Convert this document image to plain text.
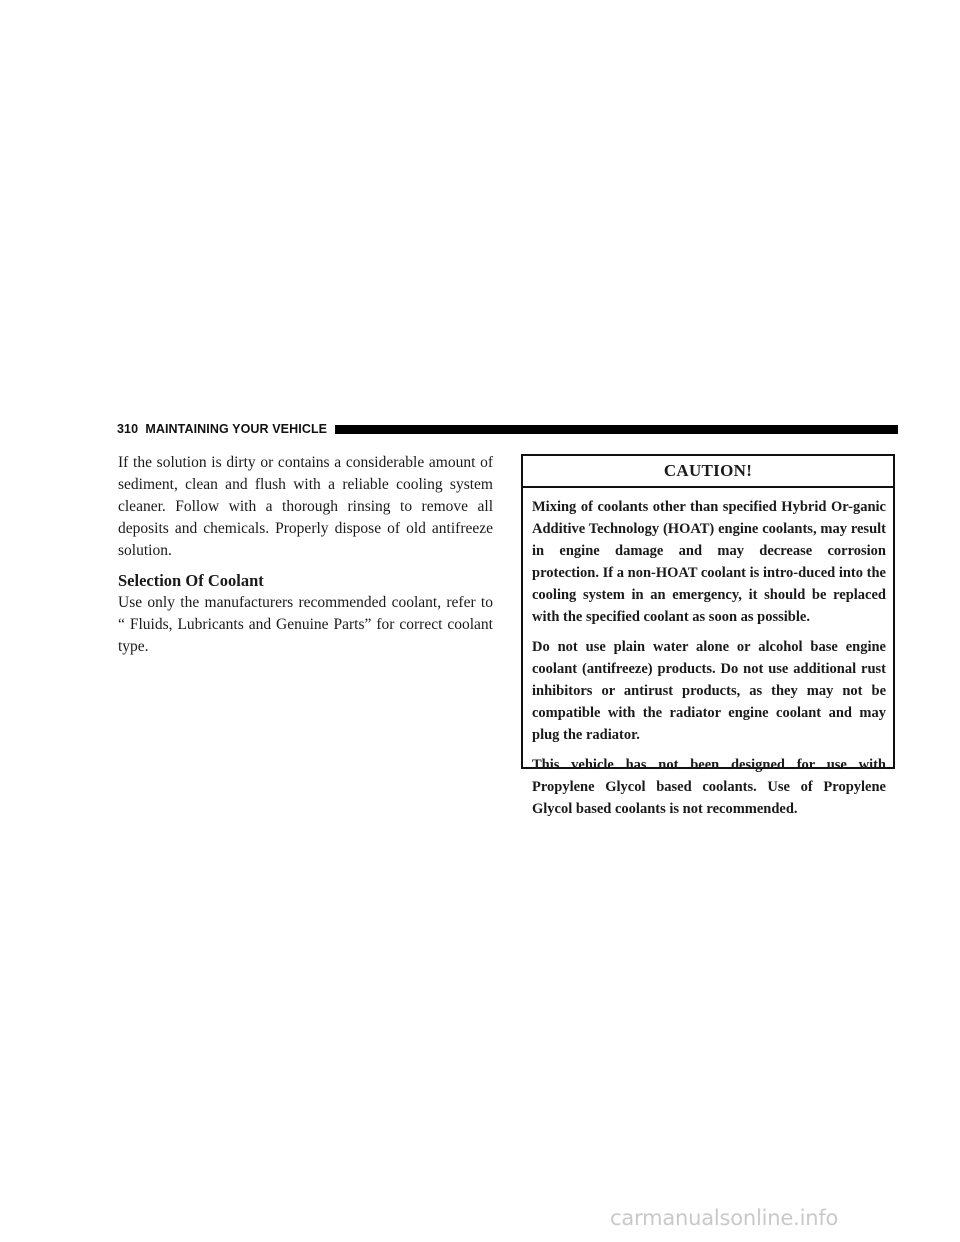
310 MAINTAINING YOUR VEHICLE

If the solution is dirty or contains a considerable amount of sediment, clean and flush with a reliable cooling system cleaner. Follow with a thorough rinsing to remove all deposits and chemicals. Properly dispose of old antifreeze solution.

Selection Of Coolant

Use only the manufacturers recommended coolant, refer to “ Fluids, Lubricants and Genuine Parts” for correct coolant type.

CAUTION!

Mixing of coolants other than specified Hybrid Or-ganic Additive Technology (HOAT) engine coolants, may result in engine damage and may decrease corrosion protection. If a non-HOAT coolant is intro-duced into the cooling system in an emergency, it should be replaced with the specified coolant as soon as possible.

Do not use plain water alone or alcohol base engine coolant (antifreeze) products. Do not use additional rust inhibitors or antirust products, as they may not be compatible with the radiator engine coolant and may plug the radiator.

This vehicle has not been designed for use with Propylene Glycol based coolants. Use of Propylene Glycol based coolants is not recommended.

carmanualsonline.info
